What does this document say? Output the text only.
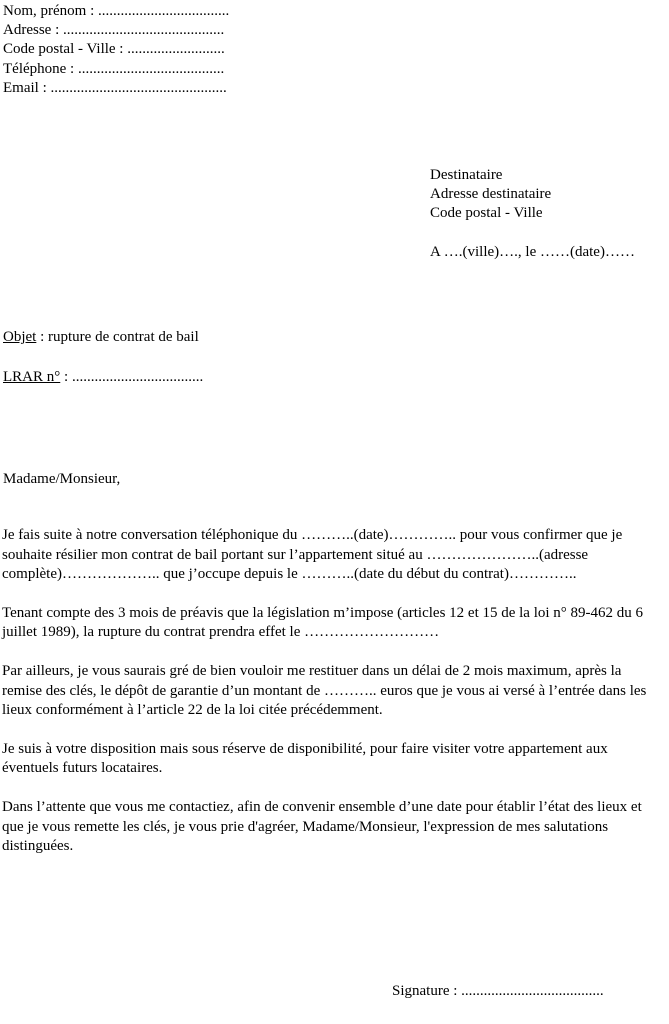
Nom, prénom : ...................................
Adresse : ...........................................
Code postal - Ville : ..........................
Téléphone : .......................................
Email : ...............................................
Destinataire
Adresse destinataire
Code postal - Ville
A ….(ville)…., le ……(date)……
Objet : rupture de contrat de bail
LRAR n° : ...................................
Madame/Monsieur,

Je fais suite à notre conversation téléphonique du ………..(date)………….. pour vous confirmer que je souhaite résilier mon contrat de bail portant sur l’appartement situé au …………………..(adresse complète)……………….. que j’occupe depuis le ………..(date du début du contrat)…………..

Tenant compte des 3 mois de préavis que la législation m’impose (articles 12 et 15 de la loi n° 89-462 du 6 juillet 1989), la rupture du contrat prendra effet le ………………………

Par ailleurs, je vous saurais gré de bien vouloir me restituer dans un délai de 2 mois maximum, après la remise des clés, le dépôt de garantie d’un montant de ……….. euros que je vous ai versé à l’entrée dans les lieux conformément à l’article 22 de la loi citée précédemment.

Je suis à votre disposition mais sous réserve de disponibilité, pour faire visiter votre appartement aux éventuels futurs locataires.

Dans l’attente que vous me contactiez, afin de convenir ensemble d’une date pour établir l’état des lieux et que je vous remette les clés, je vous prie d'agréer, Madame/Monsieur, l'expression de mes salutations distinguées.

Signature : ......................................
